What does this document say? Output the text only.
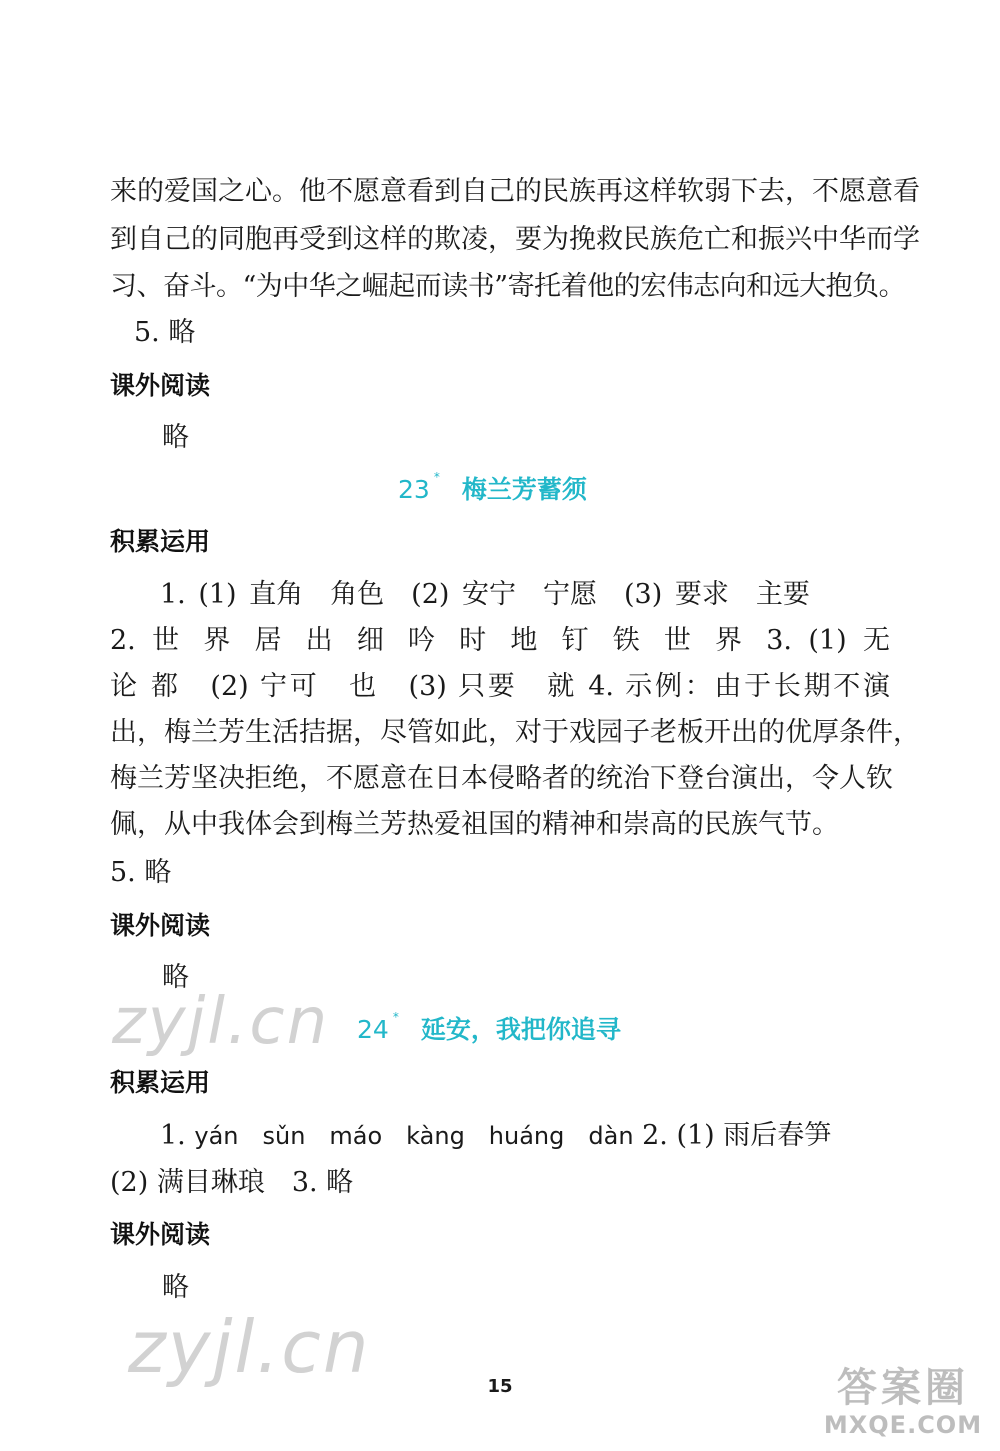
来的爱国之心。他不愿意看到自己的民族再这样软弱下去，不愿意看
到自己的同胞再受到这样的欺凌，要为挽救民族危亡和振兴中华而学
习、奋斗。“为中华之崛起而读书”寄托着他的宏伟志向和远大抱负。
5. 略
课外阅读
略
23 * 梅兰芳蓄须
积累运用
1. (1) 直角　角色　(2) 安宁　宁愿　(3) 要求　主要
2. 世 界 居 出 细 吟 时 地 钉 铁 世 界 3. (1) 无
论 都　(2) 宁可　也　(3) 只要　就 4. 示例：由于长期不演
出，梅兰芳生活拮据，尽管如此，对于戏园子老板开出的优厚条件，
梅兰芳坚决拒绝，不愿意在日本侵略者的统治下登台演出，令人钦
佩，从中我体会到梅兰芳热爱祖国的精神和崇高的民族气节。
5. 略
课外阅读
略
zyjl.cn 24 * 延安，我把你追寻
积累运用
1. yán　sǔn　máo　kàng　huáng　dàn 2. (1) 雨后春笋
(2) 满目琳琅　3. 略
课外阅读
略
zyjl.cn	15	答案圈
MXQE.COM
